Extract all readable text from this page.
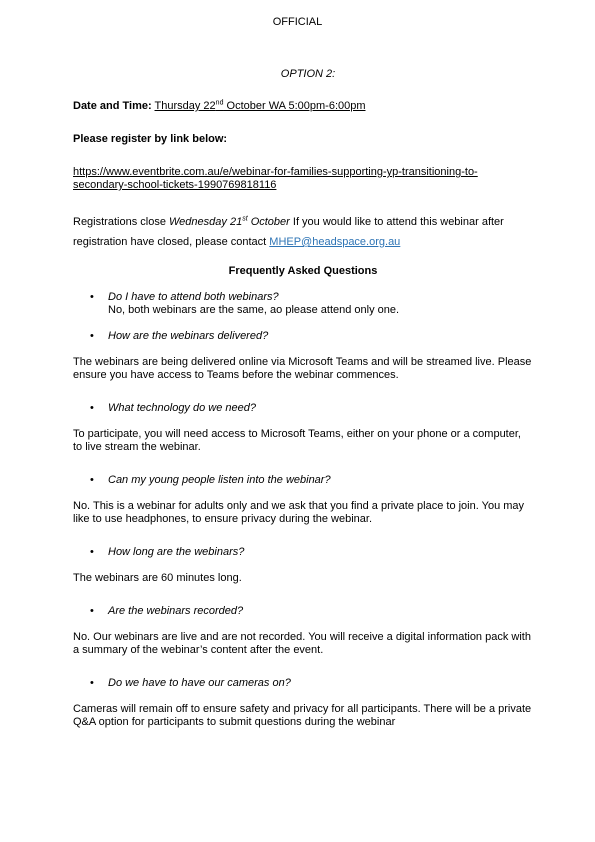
OFFICIAL

OPTION 2:

Date and Time: Thursday 22nd October WA 5:00pm-6:00pm

Please register by link below:

https://www.eventbrite.com.au/e/webinar-for-families-supporting-yp-transitioning-to-
secondary-school-tickets-1990769818116

Registrations close Wednesday 21st October If you would like to attend this webinar after registration have closed, please contact MHEP@headspace.org.au

Frequently Asked Questions

• Do I have to attend both webinars?

No, both webinars are the same, ao please attend only one.

• How are the webinars delivered?

The webinars are being delivered online via Microsoft Teams and will be streamed live. Please ensure you have access to Teams before the webinar commences.

• What technology do we need?

To participate, you will need access to Microsoft Teams, either on your phone or a computer, to live stream the webinar.

• Can my young people listen into the webinar?

No. This is a webinar for adults only and we ask that you find a private place to join. You may like to use headphones, to ensure privacy during the webinar.

• How long are the webinars?

The webinars are 60 minutes long.

• Are the webinars recorded?

No. Our webinars are live and are not recorded. You will receive a digital information pack with a summary of the webinar’s content after the event.

• Do we have to have our cameras on?

Cameras will remain off to ensure safety and privacy for all participants. There will be a private Q&A option for participants to submit questions during the webinar
